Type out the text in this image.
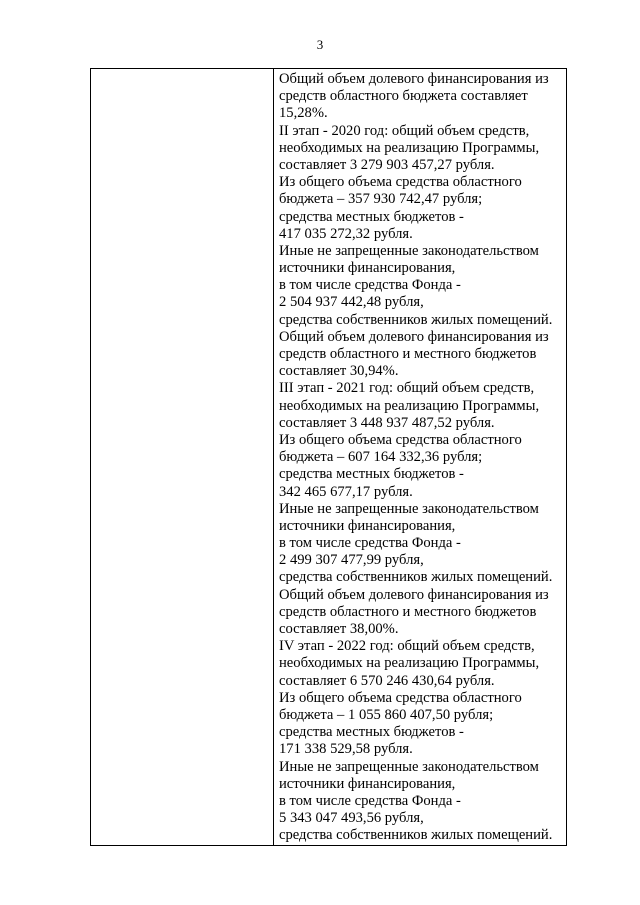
3
Общий объем долевого финансирования из
средств областного бюджета составляет
15,28%.
II этап - 2020 год: общий объем средств,
необходимых на реализацию Программы,
составляет 3 279 903 457,27 рубля.
Из общего объема средства областного
бюджета – 357 930 742,47 рубля;
средства местных бюджетов -
417 035 272,32 рубля.
Иные не запрещенные законодательством
источники финансирования,
в том числе средства Фонда -
2 504 937 442,48 рубля,
средства собственников жилых помещений.
Общий объем долевого финансирования из
средств областного и местного бюджетов
составляет 30,94%.
III этап - 2021 год: общий объем средств,
необходимых на реализацию Программы,
составляет 3 448 937 487,52 рубля.
Из общего объема средства областного
бюджета – 607 164 332,36 рубля;
средства местных бюджетов -
342 465 677,17 рубля.
Иные не запрещенные законодательством
источники финансирования,
в том числе средства Фонда -
2 499 307 477,99 рубля,
средства собственников жилых помещений.
Общий объем долевого финансирования из
средств областного и местного бюджетов
составляет 38,00%.
IV этап - 2022 год: общий объем средств,
необходимых на реализацию Программы,
составляет 6 570 246 430,64 рубля.
Из общего объема средства областного
бюджета – 1 055 860 407,50 рубля;
средства местных бюджетов -
171 338 529,58 рубля.
Иные не запрещенные законодательством
источники финансирования,
в том числе средства Фонда -
5 343 047 493,56 рубля,
средства собственников жилых помещений.
